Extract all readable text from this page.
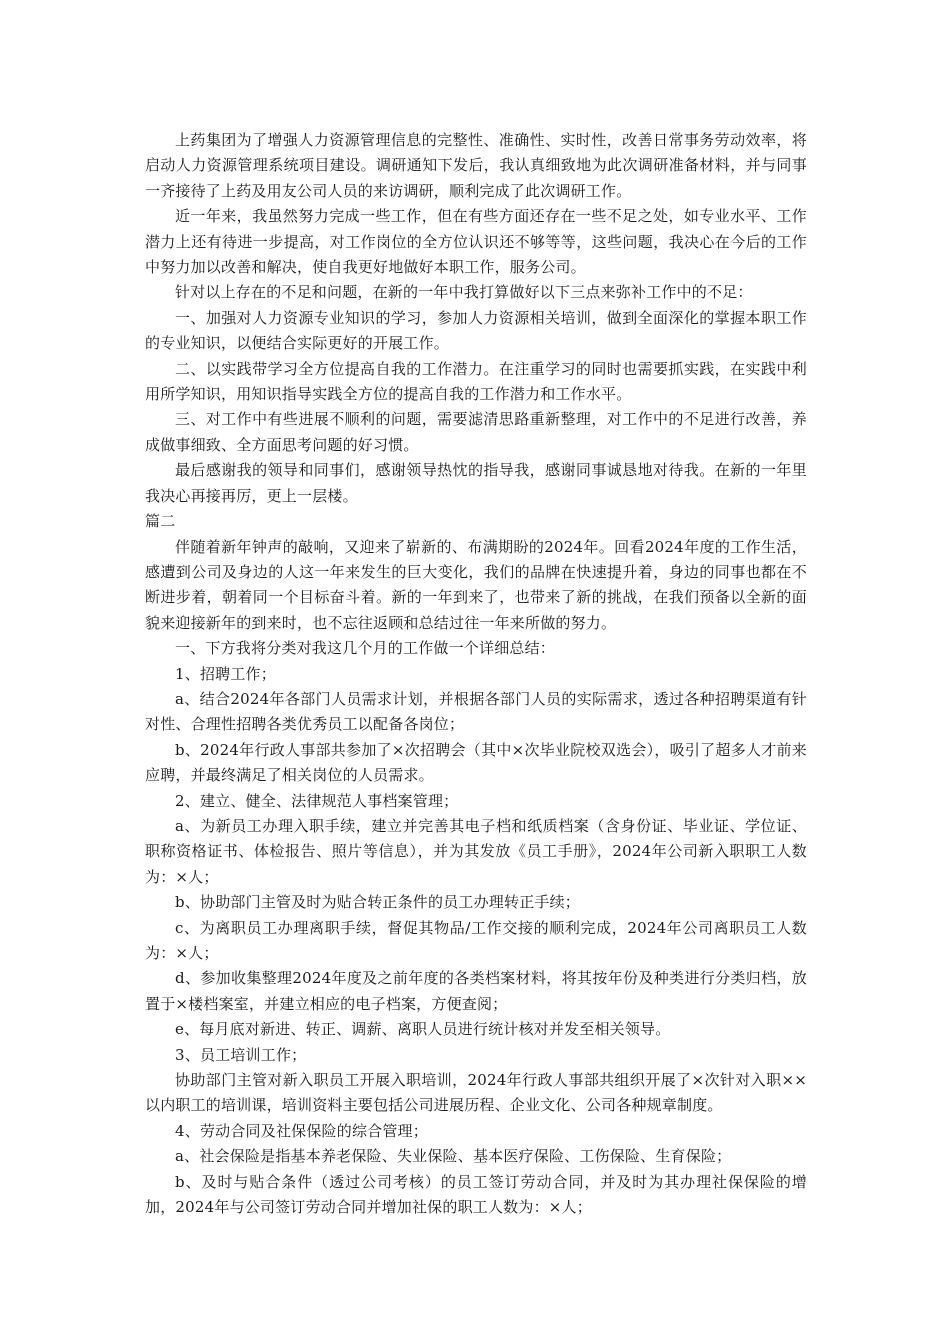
上药集团为了增强人力资源管理信息的完整性、准确性、实时性，改善日常事务劳动效率，将启动人力资源管理系统项目建设。调研通知下发后，我认真细致地为此次调研准备材料，并与同事一齐接待了上药及用友公司人员的来访调研，顺利完成了此次调研工作。

近一年来，我虽然努力完成一些工作，但在有些方面还存在一些不足之处，如专业水平、工作潜力上还有待进一步提高，对工作岗位的全方位认识还不够等等，这些问题，我决心在今后的工作中努力加以改善和解决，使自我更好地做好本职工作，服务公司。

针对以上存在的不足和问题，在新的一年中我打算做好以下三点来弥补工作中的不足：

一、加强对人力资源专业知识的学习，参加人力资源相关培训，做到全面深化的掌握本职工作的专业知识，以便结合实际更好的开展工作。

二、以实践带学习全方位提高自我的工作潜力。在注重学习的同时也需要抓实践，在实践中利用所学知识，用知识指导实践全方位的提高自我的工作潜力和工作水平。

三、对工作中有些进展不顺利的问题，需要滤清思路重新整理，对工作中的不足进行改善，养成做事细致、全方面思考问题的好习惯。

最后感谢我的领导和同事们，感谢领导热忱的指导我，感谢同事诚恳地对待我。在新的一年里我决心再接再厉，更上一层楼。

篇二

伴随着新年钟声的敲响，又迎来了崭新的、布满期盼的2024年。回看2024年度的工作生活，感遭到公司及身边的人这一年来发生的巨大变化，我们的品牌在快速提升着，身边的同事也都在不断进步着，朝着同一个目标奋斗着。新的一年到来了，也带来了新的挑战，在我们预备以全新的面貌来迎接新年的到来时，也不忘往返顾和总结过往一年来所做的努力。

一、下方我将分类对我这几个月的工作做一个详细总结：

1、招聘工作；

a、结合2024年各部门人员需求计划，并根据各部门人员的实际需求，透过各种招聘渠道有针对性、合理性招聘各类优秀员工以配备各岗位；

b、2024年行政人事部共参加了×次招聘会（其中×次毕业院校双选会），吸引了超多人才前来应聘，并最终满足了相关岗位的人员需求。

2、建立、健全、法律规范人事档案管理；

a、为新员工办理入职手续，建立并完善其电子档和纸质档案（含身份证、毕业证、学位证、职称资格证书、体检报告、照片等信息），并为其发放《员工手册》，2024年公司新入职职工人数为：×人；

b、协助部门主管及时为贴合转正条件的员工办理转正手续；

c、为离职员工办理离职手续，督促其物品/工作交接的顺利完成，2024年公司离职员工人数为：×人；

d、参加收集整理2024年度及之前年度的各类档案材料，将其按年份及种类进行分类归档，放置于×楼档案室，并建立相应的电子档案，方便查阅；

e、每月底对新进、转正、调薪、离职人员进行统计核对并发至相关领导。

3、员工培训工作；

协助部门主管对新入职员工开展入职培训，2024年行政人事部共组织开展了×次针对入职××以内职工的培训课，培训资料主要包括公司进展历程、企业文化、公司各种规章制度。

4、劳动合同及社保保险的综合管理；

a、社会保险是指基本养老保险、失业保险、基本医疗保险、工伤保险、生育保险；

b、及时与贴合条件（透过公司考核）的员工签订劳动合同，并及时为其办理社保保险的增加，2024年与公司签订劳动合同并增加社保的职工人数为：×人；
